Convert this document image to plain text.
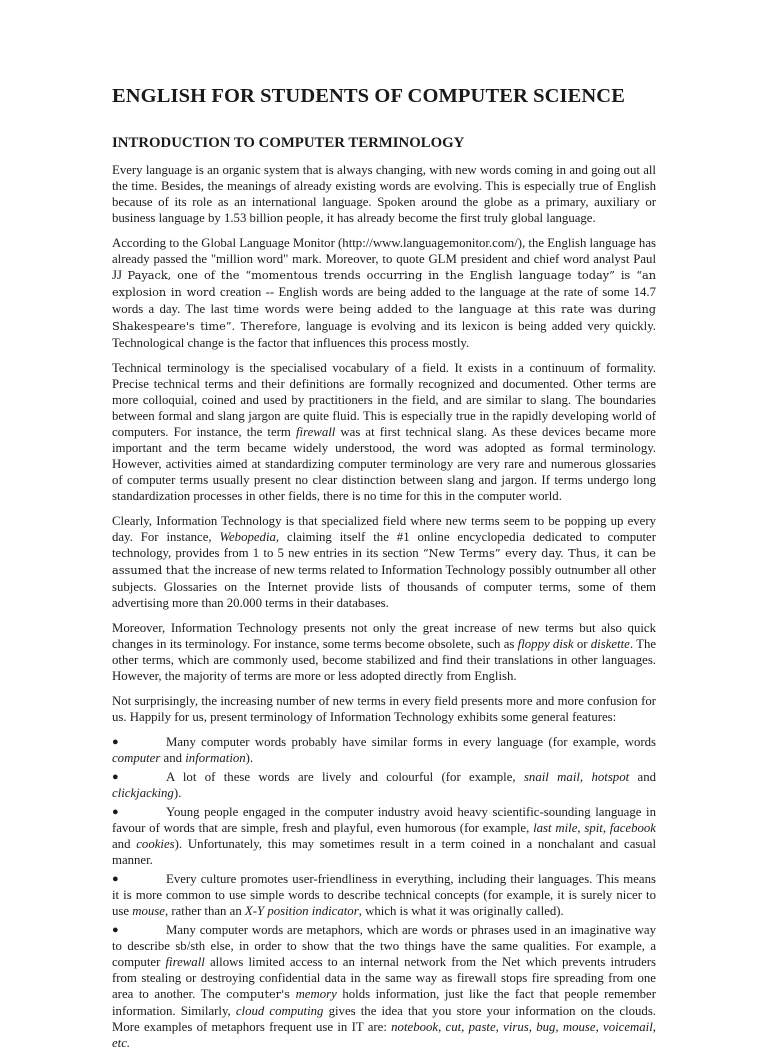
ENGLISH FOR STUDENTS OF COMPUTER SCIENCE
INTRODUCTION TO COMPUTER TERMINOLOGY

Every language is an organic system that is always changing, with new words coming in and going out all the time. Besides, the meanings of already existing words are evolving. This is especially true of English because of its role as an international language. Spoken around the globe as a primary, auxiliary or business language by 1.53 billion people, it has already become the first truly global language.

According to the Global Language Monitor (http://www.languagemonitor.com/), the English language has already passed the "million word" mark. Moreover, to quote GLM president and chief word analyst Paul JJ Payack, one of the “momentous trends occurring in the English language today” is “an explosion in word creation -- English words are being added to the language at the rate of some 14.7 words a day. The last time words were being added to the language at this rate was during Shakespeare's time”. Therefore, language is evolving and its lexicon is being added very quickly. Technological change is the factor that influences this process mostly.

Technical terminology is the specialised vocabulary of a field. It exists in a continuum of formality. Precise technical terms and their definitions are formally recognized and documented. Other terms are more colloquial, coined and used by practitioners in the field, and are similar to slang. The boundaries between formal and slang jargon are quite fluid. This is especially true in the rapidly developing world of computers. For instance, the term firewall was at first technical slang. As these devices became more important and the term became widely understood, the word was adopted as formal terminology. However, activities aimed at standardizing computer terminology are very rare and numerous glossaries of computer terms usually present no clear distinction between slang and jargon. If terms undergo long standardization processes in other fields, there is no time for this in the computer world.

Clearly, Information Technology is that specialized field where new terms seem to be popping up every day. For instance, Webopedia, claiming itself the #1 online encyclopedia dedicated to computer technology, provides from 1 to 5 new entries in its section “New Terms” every day. Thus, it can be assumed that the increase of new terms related to Information Technology possibly outnumber all other subjects. Glossaries on the Internet provide lists of thousands of computer terms, some of them advertising more than 20.000 terms in their databases.

Moreover, Information Technology presents not only the great increase of new terms but also quick changes in its terminology. For instance, some terms become obsolete, such as floppy disk or diskette. The other terms, which are commonly used, become stabilized and find their translations in other languages. However, the majority of terms are more or less adopted directly from English.

Not surprisingly, the increasing number of new terms in every field presents more and more confusion for us. Happily for us, present terminology of Information Technology exhibits some general features:

●	Many computer words probably have similar forms in every language (for example, words computer and information).
●	A lot of these words are lively and colourful (for example, snail mail, hotspot and clickjacking).
●	Young people engaged in the computer industry avoid heavy scientific-sounding language in favour of words that are simple, fresh and playful, even humorous (for example, last mile, spit, facebook and cookies). Unfortunately, this may sometimes result in a term coined in a nonchalant and casual manner.
●	Every culture promotes user-friendliness in everything, including their languages. This means it is more common to use simple words to describe technical concepts (for example, it is surely nicer to use mouse, rather than an X-Y position indicator, which is what it was originally called).
●	Many computer words are metaphors, which are words or phrases used in an imaginative way to describe sb/sth else, in order to show that the two things have the same qualities. For example, a computer firewall allows limited access to an internal network from the Net which prevents intruders from stealing or destroying confidential data in the same way as firewall stops fire spreading from one area to another. The computer's memory holds information, just like the fact that people remember information. Similarly, cloud computing gives the idea that you store your information on the clouds. More examples of metaphors frequent use in IT are: notebook, cut, paste, virus, bug, mouse, voicemail, etc.
